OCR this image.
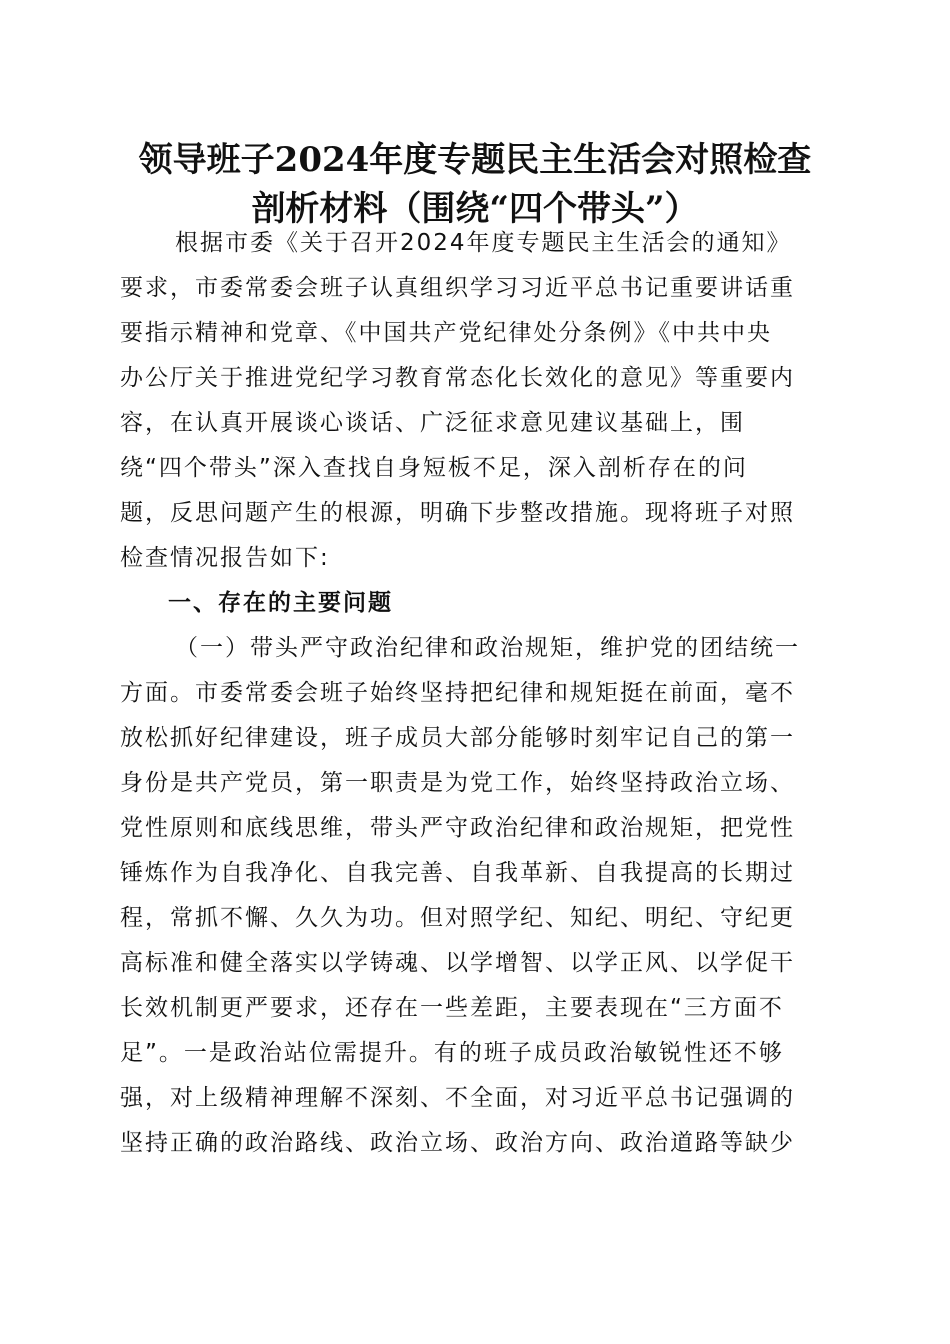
领导班子2024年度专题民主生活会对照检查
剖析材料（围绕“四个带头”）
根据市委《关于召开2024年度专题民主生活会的通知》
要求，市委常委会班子认真组织学习习近平总书记重要讲话重
要指示精神和党章、《中国共产党纪律处分条例》《中共中央
办公厅关于推进党纪学习教育常态化长效化的意见》等重要内
容，在认真开展谈心谈话、广泛征求意见建议基础上，围
绕“四个带头”深入查找自身短板不足，深入剖析存在的问
题，反思问题产生的根源，明确下步整改措施。现将班子对照
检查情况报告如下:
一、存在的主要问题
（一）带头严守政治纪律和政治规矩，维护党的团结统一
方面。市委常委会班子始终坚持把纪律和规矩挺在前面，毫不
放松抓好纪律建设，班子成员大部分能够时刻牢记自己的第一
身份是共产党员，第一职责是为党工作，始终坚持政治立场、
党性原则和底线思维，带头严守政治纪律和政治规矩，把党性
锤炼作为自我净化、自我完善、自我革新、自我提高的长期过
程，常抓不懈、久久为功。但对照学纪、知纪、明纪、守纪更
高标准和健全落实以学铸魂、以学增智、以学正风、以学促干
长效机制更严要求，还存在一些差距，主要表现在“三方面不
足”。一是政治站位需提升。有的班子成员政治敏锐性还不够
强，对上级精神理解不深刻、不全面，对习近平总书记强调的
坚持正确的政治路线、政治立场、政治方向、政治道路等缺少
